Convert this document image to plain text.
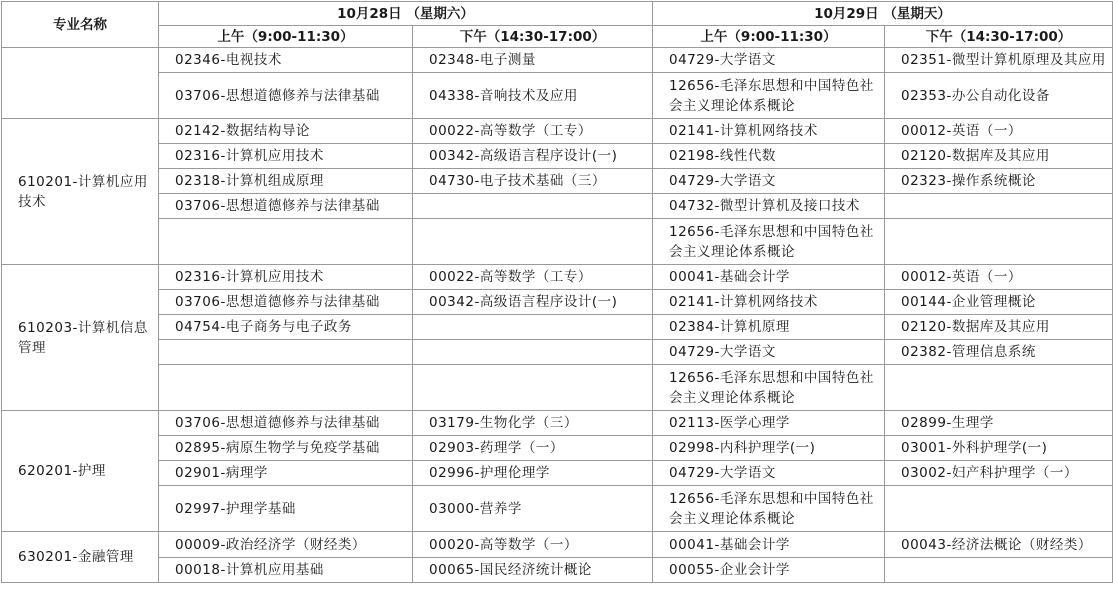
专业名称	10月28日 （星期六）		10月29日 （星期天）	
	上午（9:00-11:30）	下午（14:30-17:00）	上午（9:00-11:30）	下午（14:30-17:00）
	02346-电视技术	02348-电子测量	04729-大学语文	02351-微型计算机原理及其应用
	03706-思想道德修养与法律基础	04338-音响技术及应用	12656-毛泽东思想和中国特色社会主义理论体系概论	02353-办公自动化设备
610201-计算机应用技术	02142-数据结构导论	00022-高等数学（工专）	02141-计算机网络技术	00012-英语（一）
	02316-计算机应用技术	00342-高级语言程序设计(一)	02198-线性代数	02120-数据库及其应用
	02318-计算机组成原理	04730-电子技术基础（三）	04729-大学语文	02323-操作系统概论
	03706-思想道德修养与法律基础		04732-微型计算机及接口技术	
			12656-毛泽东思想和中国特色社会主义理论体系概论	
610203-计算机信息管理	02316-计算机应用技术	00022-高等数学（工专）	00041-基础会计学	00012-英语（一）
	03706-思想道德修养与法律基础	00342-高级语言程序设计(一)	02141-计算机网络技术	00144-企业管理概论
	04754-电子商务与电子政务		02384-计算机原理	02120-数据库及其应用
			04729-大学语文	02382-管理信息系统
			12656-毛泽东思想和中国特色社会主义理论体系概论	
620201-护理	03706-思想道德修养与法律基础	03179-生物化学（三）	02113-医学心理学	02899-生理学
	02895-病原生物学与免疫学基础	02903-药理学（一）	02998-内科护理学(一)	03001-外科护理学(一)
	02901-病理学	02996-护理伦理学	04729-大学语文	03002-妇产科护理学（一）
	02997-护理学基础	03000-营养学	12656-毛泽东思想和中国特色社会主义理论体系概论	
630201-金融管理	00009-政治经济学（财经类）	00020-高等数学（一）	00041-基础会计学	00043-经济法概论（财经类）
	00018-计算机应用基础	00065-国民经济统计概论	00055-企业会计学	
